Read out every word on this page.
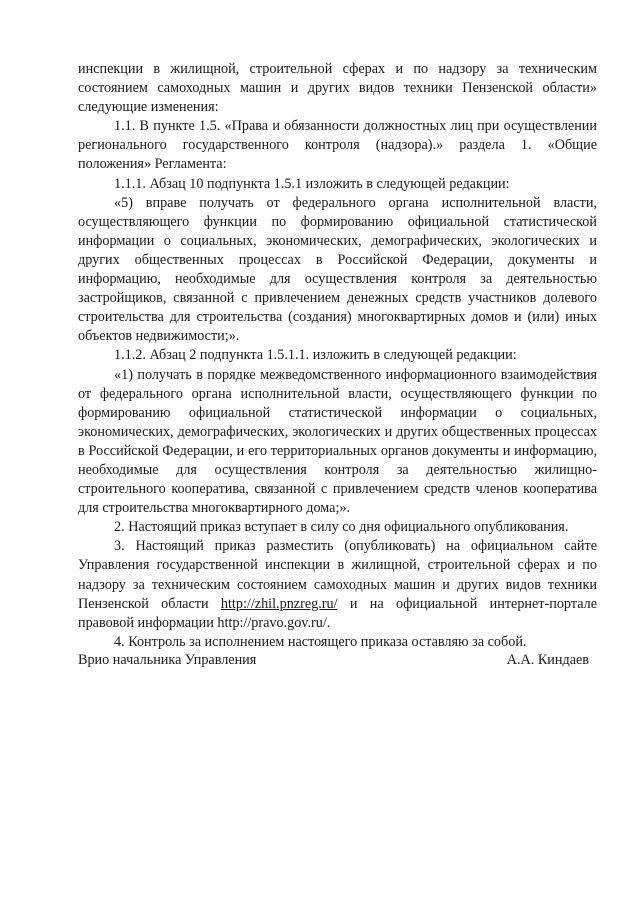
инспекции в жилищной, строительной сферах и по надзору за техническим состоянием самоходных машин и других видов техники Пензенской области» следующие изменения:

1.1. В пункте 1.5. «Права и обязанности должностных лиц при осуществлении регионального государственного контроля (надзора).» раздела 1. «Общие положения» Регламента:

1.1.1. Абзац 10 подпункта 1.5.1 изложить в следующей редакции:

«5) вправе получать от федерального органа исполнительной власти, осуществляющего функции по формированию официальной статистической информации о социальных, экономических, демографических, экологических и других общественных процессах в Российской Федерации, документы и информацию, необходимые для осуществления контроля за деятельностью застройщиков, связанной с привлечением денежных средств участников долевого строительства для строительства (создания) многоквартирных домов и (или) иных объектов недвижимости;».

1.1.2. Абзац 2 подпункта 1.5.1.1. изложить в следующей редакции:

«1) получать в порядке межведомственного информационного взаимодействия от федерального органа исполнительной власти, осуществляющего функции по формированию официальной статистической информации о социальных, экономических, демографических, экологических и других общественных процессах в Российской Федерации, и его территориальных органов документы и информацию, необходимые для осуществления контроля за деятельностью жилищно-строительного кооператива, связанной с привлечением средств членов кооператива для строительства многоквартирного дома;».

2. Настоящий приказ вступает в силу со дня официального опубликования.

3. Настоящий приказ разместить (опубликовать) на официальном сайте Управления государственной инспекции в жилищной, строительной сферах и по надзору за техническим состоянием самоходных машин и других видов техники Пензенской области http://zhil.pnzreg.ru/ и на официальной интернет-портале правовой информации http://pravo.gov.ru/.

4. Контроль за исполнением настоящего приказа оставляю за собой.

Врио начальника Управления	А.А. Киндаев
